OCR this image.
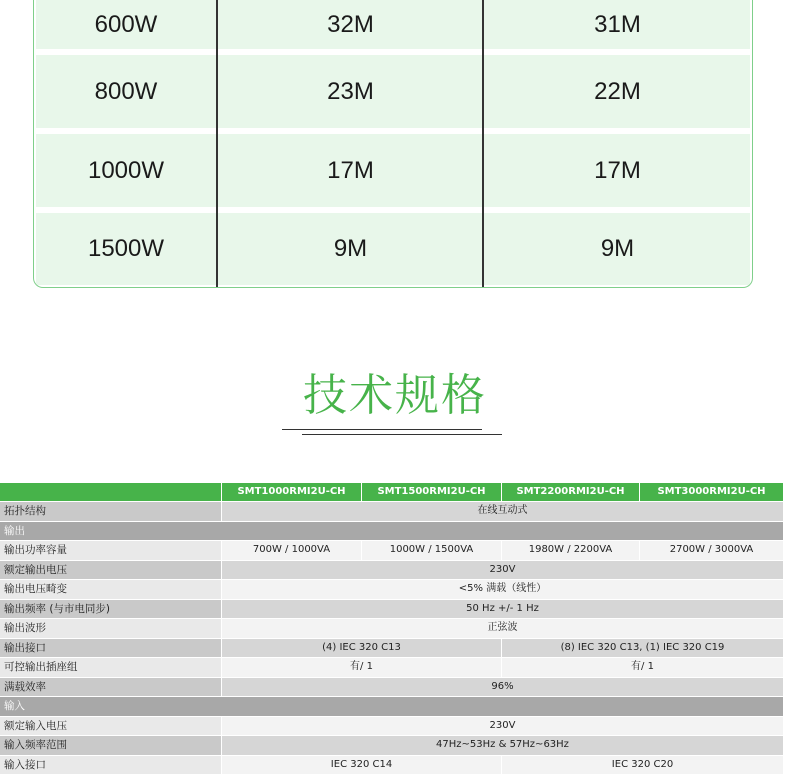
600W	32M	31M
800W	23M	22M
1000W	17M	17M
1500W	9M	9M
技术规格
SMT1000RMI2U-CH	SMT1500RMI2U-CH	SMT2200RMI2U-CH	SMT3000RMI2U-CH
拓扑结构	在线互动式
输出
输出功率容量	700W / 1000VA	1000W / 1500VA	1980W / 2200VA	2700W / 3000VA
额定输出电压	230V
输出电压畸变	<5% 满载（线性）
输出频率 (与市电同步)	50 Hz +/- 1 Hz
输出波形	正弦波
输出接口	(4) IEC 320 C13	(8) IEC 320 C13, (1) IEC 320 C19
可控输出插座组	有/ 1	有/ 1
满载效率	96%
输入
额定输入电压	230V
输入频率范围	47Hz~53Hz & 57Hz~63Hz
输入接口	IEC 320 C14	IEC 320 C20
